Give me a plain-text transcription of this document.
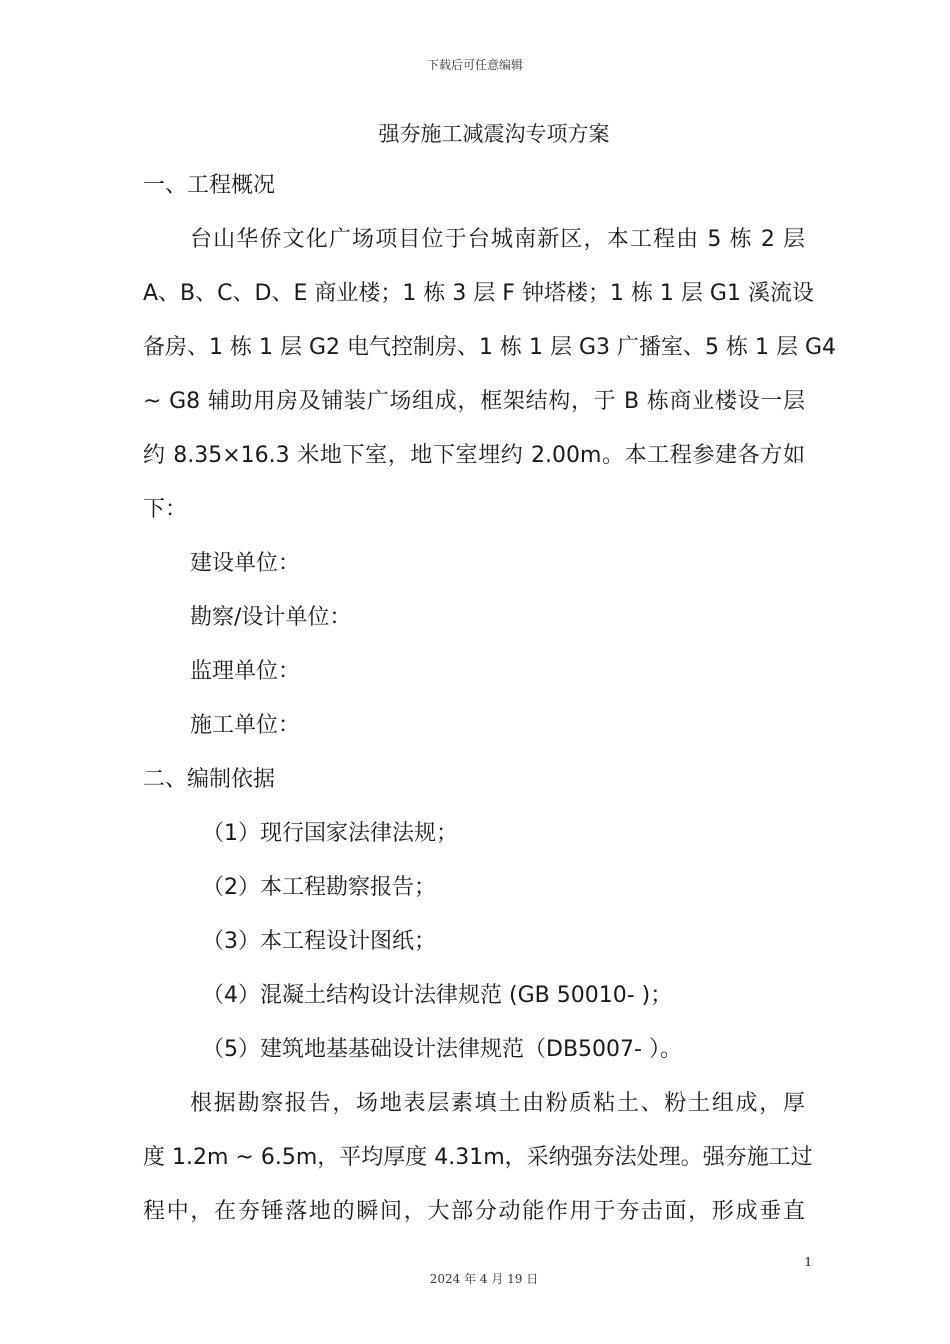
下载后可任意编辑
强夯施工减震沟专项方案

一、工程概况

台山华侨文化广场项目位于台城南新区，本工程由 5 栋 2 层

A、B、C、D、E 商业楼；1 栋 3 层 F 钟塔楼；1 栋 1 层 G1 溪流设

备房、1 栋 1 层 G2 电气控制房、1 栋 1 层 G3 广播室、5 栋 1 层 G4

~ G8 辅助用房及铺装广场组成，框架结构，于 B 栋商业楼设一层

约 8.35×16.3 米地下室，地下室埋约 2.00m。本工程参建各方如

下：

建设单位：

勘察/设计单位：

监理单位：

施工单位：

二、编制依据

（1）现行国家法律法规；

（2）本工程勘察报告；

（3）本工程设计图纸；

（4）混凝土结构设计法律规范 (GB 50010- )；

（5）建筑地基基础设计法律规范（DB5007- ）。

根据勘察报告，场地表层素填土由粉质粘土、粉土组成，厚

度 1.2m ~ 6.5m，平均厚度 4.31m，采纳强夯法处理。强夯施工过

程中，在夯锤落地的瞬间，大部分动能作用于夯击面，形成垂直

1
2024 年 4 月 19 日
